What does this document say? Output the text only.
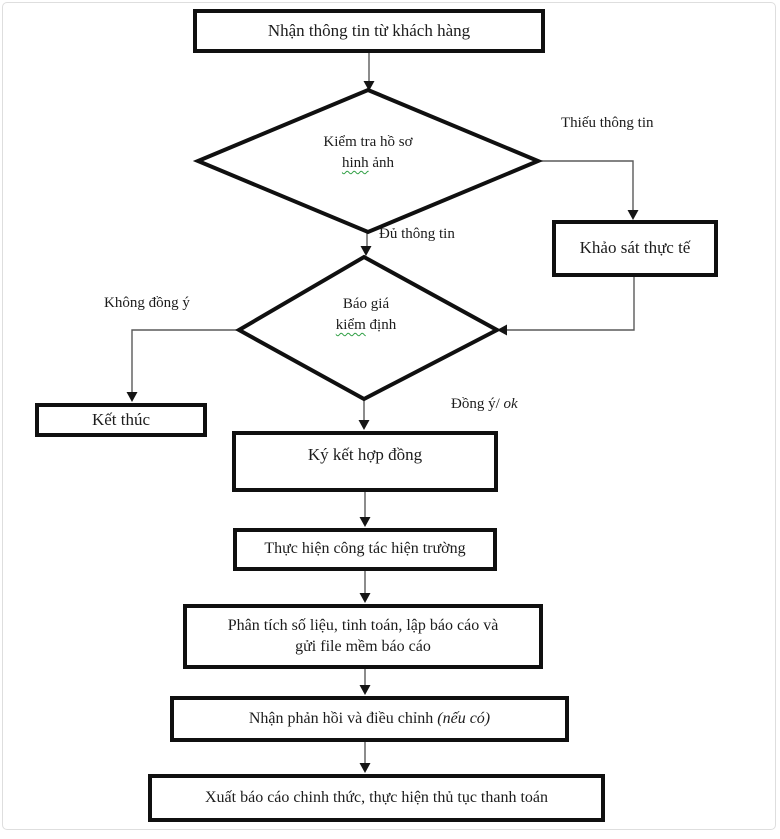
Nhận thông tin từ khách hàng
Khảo sát thực tế
Kết thúc
Ký kết hợp đồng
Thực hiện công tác hiện trường
Phân tích số liệu, tinh toán, lập báo cáo và
gửi file mềm báo cáo
Nhận phản hồi và điều chỉnh (nếu có)
Xuất báo cáo chinh thức, thực hiện thủ tục thanh toán
Kiểm tra hồ sơ
hinh ảnh
Báo giá
kiểm định
Thiếu thông tin
Đủ thông tin
Không đồng ý
Đồng ý/ ok
